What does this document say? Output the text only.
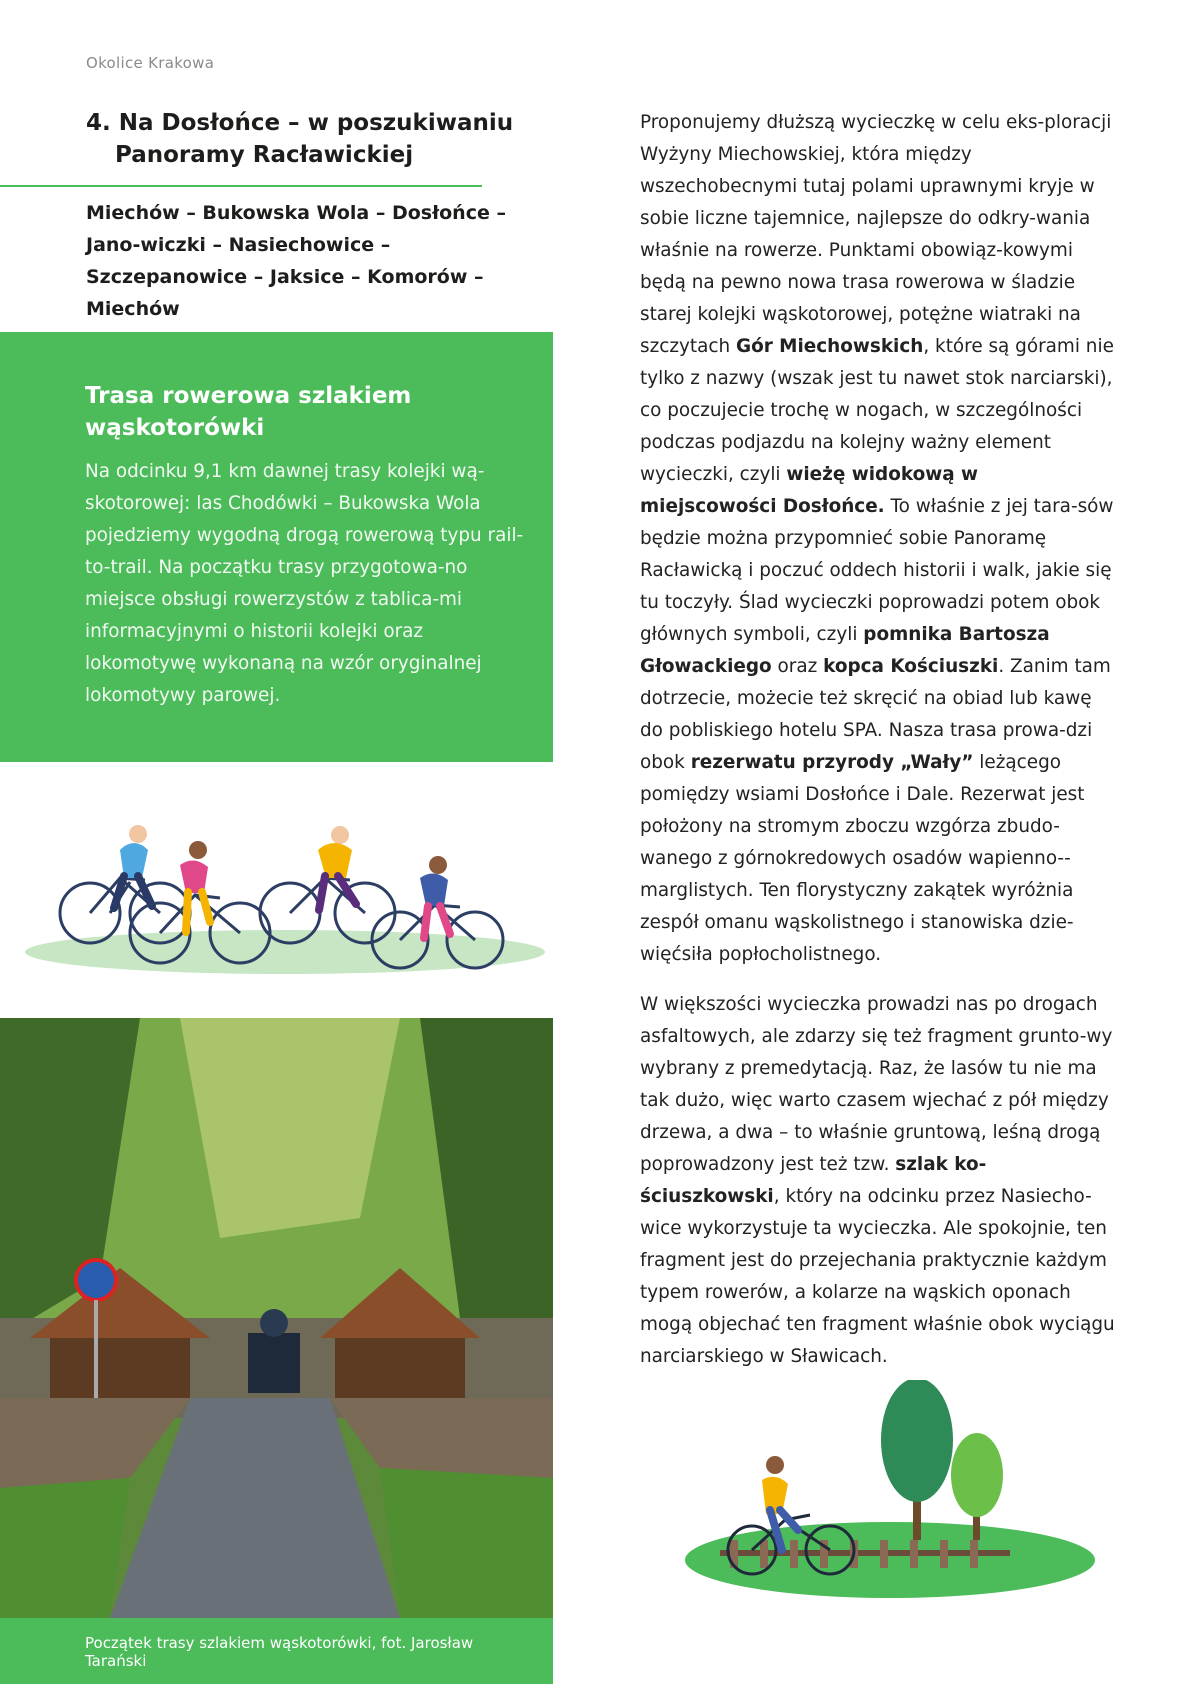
Okolice Krakowa
4. Na Dosłońce – w poszukiwaniu
Panoramy Racławickiej

Miechów – Bukowska Wola – Dosłońce – Jano-wiczki – Nasiechowice – Szczepanowice – Jaksice – Komorów – Miechów

Trasa rowerowa szlakiem wąskotorówki

Na odcinku 9,1 km dawnej trasy kolejki wą-skotorowej: las Chodówki – Bukowska Wola pojedziemy wygodną drogą rowerową typu rail-to-trail. Na początku trasy przygotowa-no miejsce obsługi rowerzystów z tablica-mi informacyjnymi o historii kolejki oraz lokomotywę wykonaną na wzór oryginalnej lokomotywy parowej.

Początek trasy szlakiem wąskotorówki, fot. Jarosław Tarański

Proponujemy dłuższą wycieczkę w celu eks-ploracji Wyżyny Miechowskiej, która między wszechobecnymi tutaj polami uprawnymi kryje w sobie liczne tajemnice, najlepsze do odkry-wania właśnie na rowerze. Punktami obowiąz-kowymi będą na pewno nowa trasa rowerowa w śladzie starej kolejki wąskotorowej, potężne wiatraki na szczytach Gór Miechowskich, które są górami nie tylko z nazwy (wszak jest tu nawet stok narciarski), co poczujecie trochę w nogach, w szczególności podczas podjazdu na kolejny ważny element wycieczki, czyli wieżę widokową w miejscowości Dosłońce. To właśnie z jej tara-sów będzie można przypomnieć sobie Panoramę Racławicką i poczuć oddech historii i walk, jakie się tu toczyły. Ślad wycieczki poprowadzi potem obok głównych symboli, czyli pomnika Bartosza Głowackiego oraz kopca Kościuszki. Zanim tam dotrzecie, możecie też skręcić na obiad lub kawę do pobliskiego hotelu SPA. Nasza trasa prowa-dzi obok rezerwatu przyrody „Wały” leżącego pomiędzy wsiami Dosłońce i Dale. Rezerwat jest położony na stromym zboczu wzgórza zbudo-wanego z górnokredowych osadów wapienno--marglistych. Ten florystyczny zakątek wyróżnia zespół omanu wąskolistnego i stanowiska dzie-więćsiła popłocholistnego.

W większości wycieczka prowadzi nas po drogach asfaltowych, ale zdarzy się też fragment grunto-wy wybrany z premedytacją. Raz, że lasów tu nie ma tak dużo, więc warto czasem wjechać z pół między drzewa, a dwa – to właśnie gruntową, leśną drogą poprowadzony jest też tzw. szlak ko-ściuszkowski, który na odcinku przez Nasiecho-wice wykorzystuje ta wycieczka. Ale spokojnie, ten fragment jest do przejechania praktycznie każdym typem rowerów, a kolarze na wąskich oponach mogą objechać ten fragment właśnie obok wyciągu narciarskiego w Sławicach.
